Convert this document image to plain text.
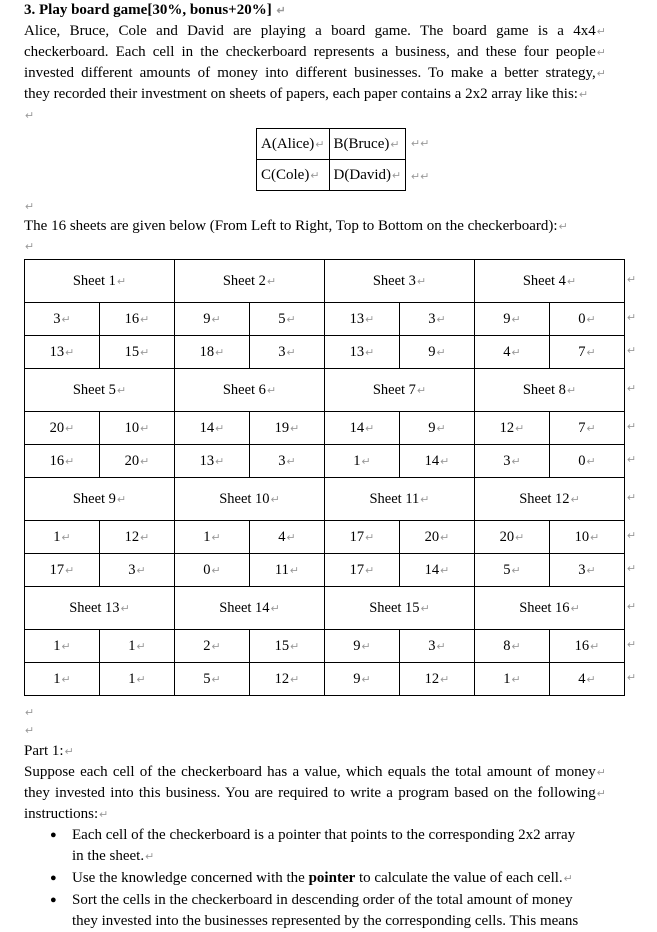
3. Play board game[30%, bonus+20%] ↵
Alice, Bruce, Cole and David are playing a board game. The board game is a 4x4 ↵
checkerboard. Each cell in the checkerboard represents a business, and these four people ↵
invested different amounts of money into different businesses. To make a better strategy, ↵
they recorded their investment on sheets of papers, each paper contains a 2x2 array like this: ↵
↵
A(Alice)↵	B(Bruce)↵
C(Cole)↵	D(David)↵
↵↵
↵↵
↵
The 16 sheets are given below (From Left to Right, Top to Bottom on the checkerboard): ↵
↵
Sheet 1↵		Sheet 2↵		Sheet 3↵		Sheet 4↵	
3↵	16↵	9↵	5↵	13↵	3↵	9↵	0↵
13↵	15↵	18↵	3↵	13↵	9↵	4↵	7↵
Sheet 5↵		Sheet 6↵		Sheet 7↵		Sheet 8↵	
20↵	10↵	14↵	19↵	14↵	9↵	12↵	7↵
16↵	20↵	13↵	3↵	1↵	14↵	3↵	0↵
Sheet 9↵		Sheet 10↵		Sheet 11↵		Sheet 12↵	
1↵	12↵	1↵	4↵	17↵	20↵	20↵	10↵
17↵	3↵	0↵	11↵	17↵	14↵	5↵	3↵
Sheet 13↵		Sheet 14↵		Sheet 15↵		Sheet 16↵	
1↵	1↵	2↵	15↵	9↵	3↵	8↵	16↵
1↵	1↵	5↵	12↵	9↵	12↵	1↵	4↵
↵
↵
↵
↵
↵
↵
↵
↵
↵
↵
↵
↵
↵
↵
Part 1: ↵
Suppose each cell of the checkerboard has a value, which equals the total amount of money ↵
they invested into this business. You are required to write a program based on the following ↵
instructions: ↵
● Each cell of the checkerboard is a pointer that points to the corresponding 2x2 array
in the sheet. ↵
● Use the knowledge concerned with the pointer to calculate the value of each cell. ↵
● Sort the cells in the checkerboard in descending order of the total amount of money
they invested into the businesses represented by the corresponding cells. This means
